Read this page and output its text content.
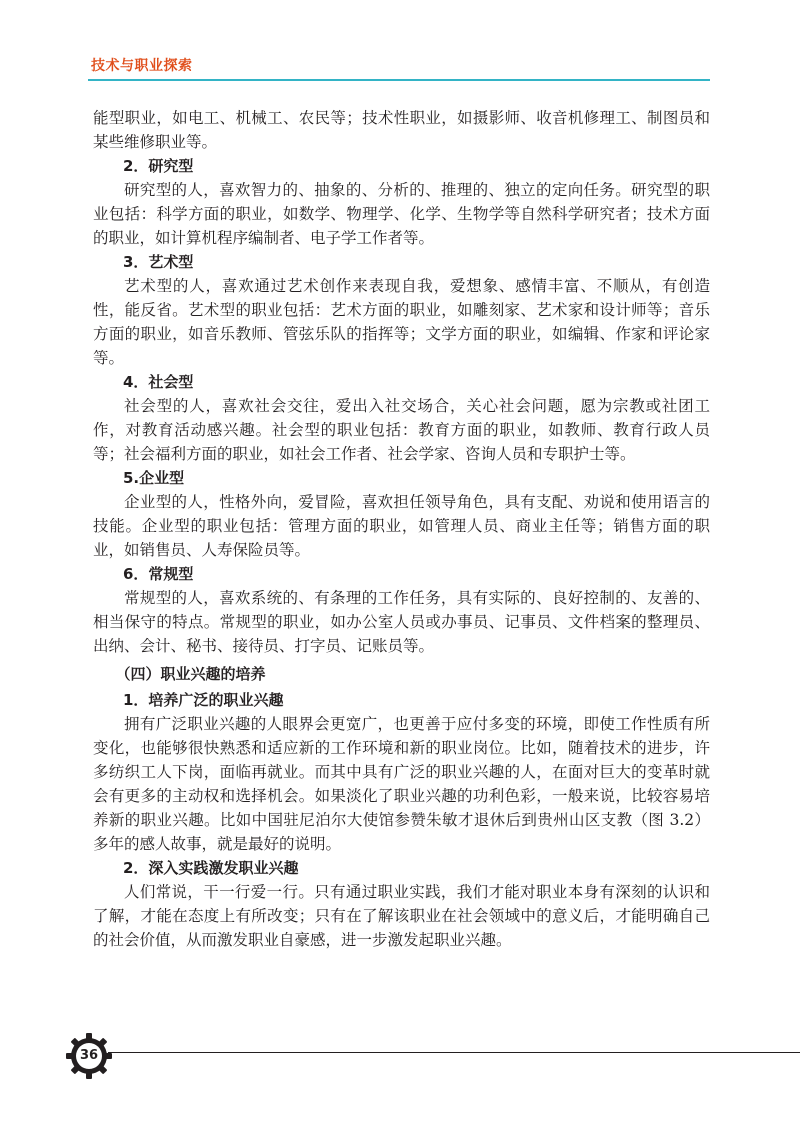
技术与职业探索

能型职业，如电工、机械工、农民等；技术性职业，如摄影师、收音机修理工、制图员和某些维修职业等。

2．研究型

研究型的人，喜欢智力的、抽象的、分析的、推理的、独立的定向任务。研究型的职业包括：科学方面的职业，如数学、物理学、化学、生物学等自然科学研究者；技术方面的职业，如计算机程序编制者、电子学工作者等。

3．艺术型

艺术型的人，喜欢通过艺术创作来表现自我，爱想象、感情丰富、不顺从，有创造性，能反省。艺术型的职业包括：艺术方面的职业，如雕刻家、艺术家和设计师等；音乐方面的职业，如音乐教师、管弦乐队的指挥等；文学方面的职业，如编辑、作家和评论家等。

4．社会型

社会型的人，喜欢社会交往，爱出入社交场合，关心社会问题，愿为宗教或社团工作，对教育活动感兴趣。社会型的职业包括：教育方面的职业，如教师、教育行政人员等；社会福利方面的职业，如社会工作者、社会学家、咨询人员和专职护士等。

5.企业型

企业型的人，性格外向，爱冒险，喜欢担任领导角色，具有支配、劝说和使用语言的技能。企业型的职业包括：管理方面的职业，如管理人员、商业主任等；销售方面的职业，如销售员、人寿保险员等。

6．常规型

常规型的人，喜欢系统的、有条理的工作任务，具有实际的、良好控制的、友善的、相当保守的特点。常规型的职业，如办公室人员或办事员、记事员、文件档案的整理员、出纳、会计、秘书、接待员、打字员、记账员等。

（四）职业兴趣的培养

1．培养广泛的职业兴趣

拥有广泛职业兴趣的人眼界会更宽广，也更善于应付多变的环境，即使工作性质有所变化，也能够很快熟悉和适应新的工作环境和新的职业岗位。比如，随着技术的进步，许多纺织工人下岗，面临再就业。而其中具有广泛的职业兴趣的人，在面对巨大的变革时就会有更多的主动权和选择机会。如果淡化了职业兴趣的功利色彩，一般来说，比较容易培养新的职业兴趣。比如中国驻尼泊尔大使馆参赞朱敏才退休后到贵州山区支教（图 3.2）多年的感人故事，就是最好的说明。

2．深入实践激发职业兴趣

人们常说，干一行爱一行。只有通过职业实践，我们才能对职业本身有深刻的认识和了解，才能在态度上有所改变；只有在了解该职业在社会领域中的意义后，才能明确自己的社会价值，从而激发职业自豪感，进一步激发起职业兴趣。

36
